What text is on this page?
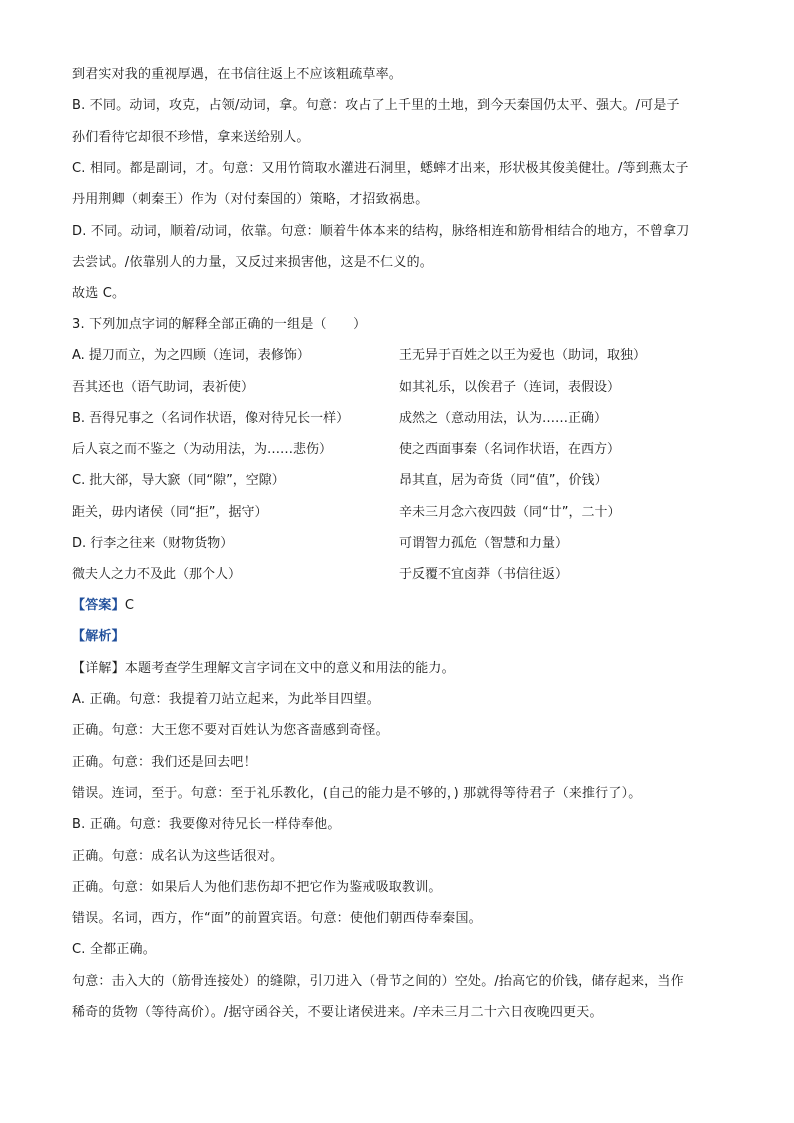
到君实对我的重视厚遇，在书信往返上不应该粗疏草率。
B. 不同。动词，攻克，占领/动词，拿。句意：攻占了上千里的土地，到今天秦国仍太平、强大。/可是子
孙们看待它却很不珍惜，拿来送给别人。
C. 相同。都是副词，才。句意：又用竹筒取水灌进石洞里，蟋蟀才出来，形状极其俊美健壮。/等到燕太子
丹用荆卿（刺秦王）作为（对付秦国的）策略，才招致祸患。
D. 不同。动词，顺着/动词，依靠。句意：顺着牛体本来的结构，脉络相连和筋骨相结合的地方，不曾拿刀
去尝试。/依靠别人的力量，又反过来损害他，这是不仁义的。
故选 C。
3. 下列加点字词的解释全部正确的一组是（　　）
A. 提刀而立，为之四顾（连词，表修饰）	王无异于百姓之以王为爱也（助词，取独）
吾其还也（语气助词，表祈使）	如其礼乐，以俟君子（连词，表假设）
B. 吾得兄事之（名词作状语，像对待兄长一样）	成然之（意动用法，认为……正确）
后人哀之而不鉴之（为动用法，为……悲伤）	使之西面事秦（名词作状语，在西方）
C. 批大郤，导大窾（同“隙”，空隙）	昂其直，居为奇货（同“值”，价钱）
距关，毋内诸侯（同“拒”，据守）	辛未三月念六夜四鼓（同“廿”，二十）
D. 行李之往来（财物货物）	可谓智力孤危（智慧和力量）
微夫人之力不及此（那个人）	于反覆不宜卤莽（书信往返）
【答案】C
【解析】
【详解】本题考查学生理解文言字词在文中的意义和用法的能力。
A. 正确。句意：我提着刀站立起来，为此举目四望。
正确。句意：大王您不要对百姓认为您吝啬感到奇怪。
正确。句意：我们还是回去吧！
错误。连词，至于。句意：至于礼乐教化，(自己的能力是不够的，) 那就得等待君子（来推行了）。
B. 正确。句意：我要像对待兄长一样侍奉他。
正确。句意：成名认为这些话很对。
正确。句意：如果后人为他们悲伤却不把它作为鉴戒吸取教训。
错误。名词，西方，作“面”的前置宾语。句意：使他们朝西侍奉秦国。
C. 全都正确。
句意：击入大的（筋骨连接处）的缝隙，引刀进入（骨节之间的）空处。/抬高它的价钱，储存起来，当作
稀奇的货物（等待高价）。/据守函谷关，不要让诸侯进来。/辛未三月二十六日夜晚四更天。
